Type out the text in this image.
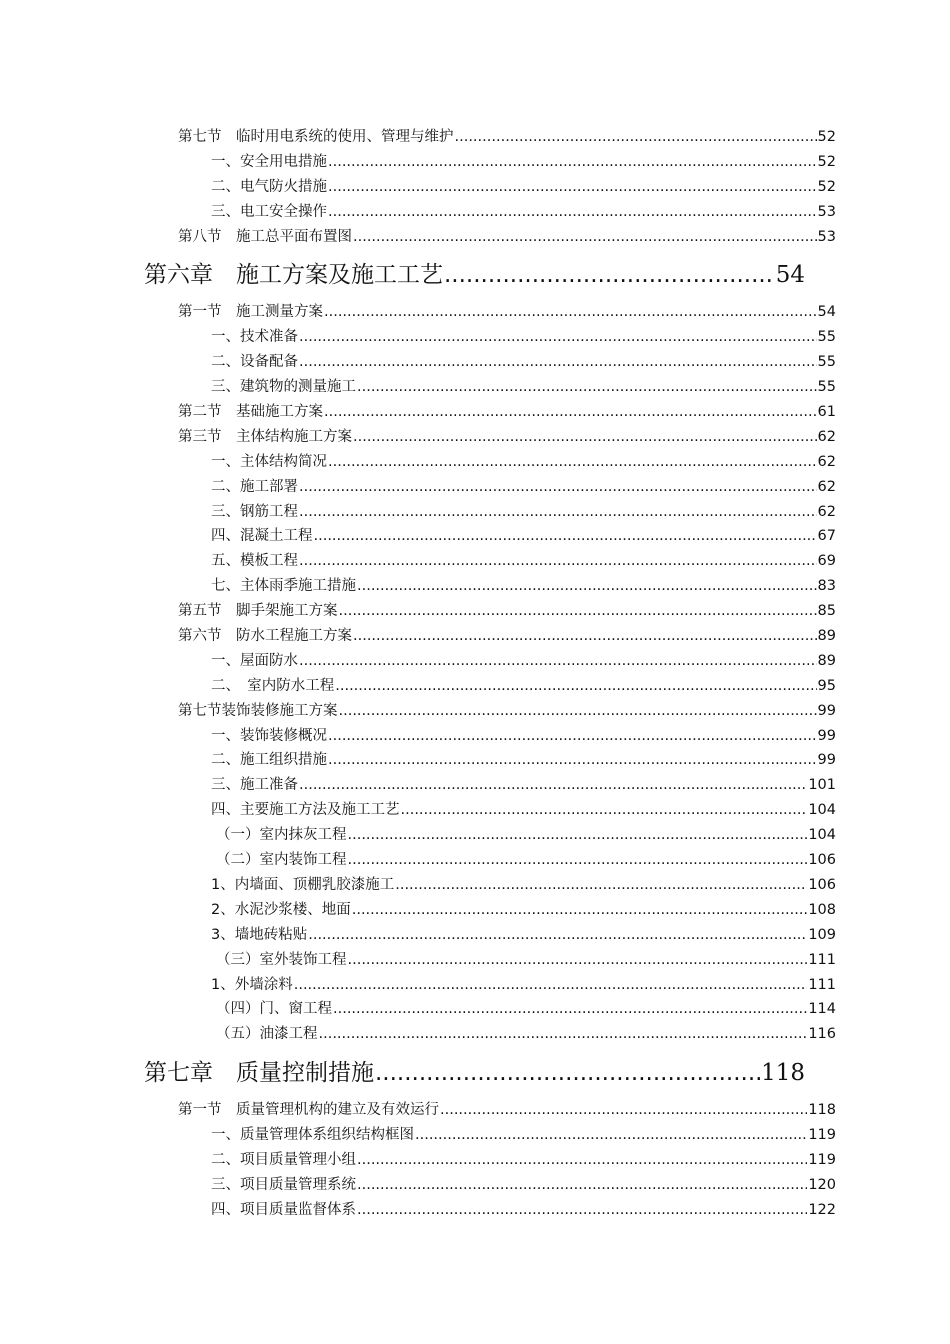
第七节　临时用电系统的使用、管理与维护 .....	52
一、安全用电措施 .....	52
二、电气防火措施 .....	52
三、电工安全操作 .....	53
第八节　施工总平面布置图 .....	53
第六章　施工方案及施工工艺 .....	54
第一节　施工测量方案 .....	54
一、技术准备 .....	55
二、设备配备 .....	55
三、建筑物的测量施工 .....	55
第二节　基础施工方案 .....	61
第三节　主体结构施工方案 .....	62
一、主体结构简况 .....	62
二、施工部署 .....	62
三、钢筋工程 .....	62
四、混凝土工程 .....	67
五、模板工程 .....	69
七、主体雨季施工措施 .....	83
第五节　脚手架施工方案 .....	85
第六节　防水工程施工方案 .....	89
一、屋面防水 .....	89
二、　室内防水工程 .....	95
第七节装饰装修施工方案 .....	99
一、装饰装修概况 .....	99
二、施工组织措施 .....	99
三、施工准备 .....	101
四、主要施工方法及施工工艺 .....	104
（一）室内抹灰工程 .....	104
（二）室内装饰工程 .....	106
1、内墙面、顶棚乳胶漆施工 .....	106
2、水泥沙浆楼、地面 .....	108
3、墙地砖粘贴 .....	109
（三）室外装饰工程 .....	111
1、外墙涂料 .....	111
（四）门、窗工程 .....	114
（五）油漆工程 .....	116
第七章　质量控制措施 .....	118
第一节　质量管理机构的建立及有效运行 .....	118
一、质量管理体系组织结构框图 .....	119
二、项目质量管理小组 .....	119
三、项目质量管理系统 .....	120
四、项目质量监督体系 .....	122
